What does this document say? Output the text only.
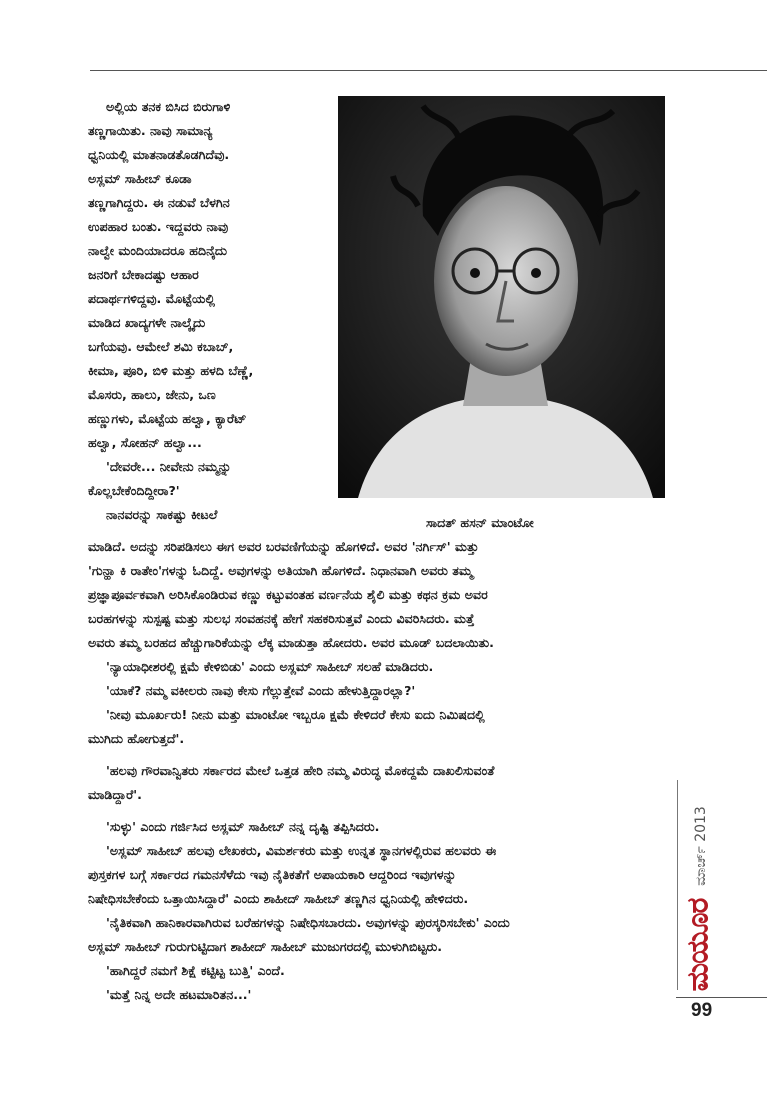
ಅಲ್ಲಿಯ ತನಕ ಬಿಸಿದ ಬಿರುಗಾಳಿ

ತಣ್ಣಗಾಯಿತು. ನಾವು ಸಾಮಾನ್ಯ

ಧ್ವನಿಯಲ್ಲಿ ಮಾತನಾಡತೊಡಗಿದೆವು.

ಅಸ್ಲಮ್ ಸಾಹೀಬ್ ಕೂಡಾ

ತಣ್ಣಗಾಗಿದ್ದರು. ಈ ನಡುವೆ ಬೆಳಗಿನ

ಉಪಹಾರ ಬಂತು. ಇದ್ದವರು ನಾವು

ನಾಲ್ವೇ ಮಂದಿಯಾದರೂ ಹದಿನೈದು

ಜನರಿಗೆ ಬೇಕಾದಷ್ಟು ಆಹಾರ

ಪದಾರ್ಥಗಳಿದ್ದವು. ಮೊಟ್ಟೆಯಲ್ಲಿ

ಮಾಡಿದ ಖಾದ್ಯಗಳೇ ನಾಲ್ಕೈದು

ಬಗೆಯವು. ಆಮೇಲೆ ಶಮಿ ಕಬಾಬ್,

ಕೀಮಾ, ಪೂರಿ, ಬಿಳಿ ಮತ್ತು ಹಳದಿ ಬೆಣ್ಣೆ,

ಮೊಸರು, ಹಾಲು, ಜೇನು, ಒಣ

ಹಣ್ಣುಗಳು, ಮೊಟ್ಟೆಯ ಹಲ್ವಾ, ಕ್ಯಾರೆಟ್

ಹಲ್ವಾ, ಸೋಹನ್ ಹಲ್ವಾ...

'ದೇವರೇ... ನೀವೇನು ನಮ್ಮನ್ನು

ಕೊಲ್ಲಬೇಕೆಂದಿದ್ದೀರಾ?'

ನಾನವರನ್ನು ಸಾಕಷ್ಟು ಕೀಟಲೆ

ಸಾದತ್ ಹಸನ್ ಮಾಂಟೋ

ಮಾಡಿದೆ. ಅದನ್ನು ಸರಿಪಡಿಸಲು ಈಗ ಅವರ ಬರವಣಿಗೆಯನ್ನು ಹೊಗಳಿದೆ. ಅವರ 'ನರ್ಗಿಸ್' ಮತ್ತು

'ಗುನ್ಹಾ ಕಿ ರಾತೇಂ'ಗಳನ್ನು ಓದಿದ್ದೆ. ಅವುಗಳನ್ನು ಅತಿಯಾಗಿ ಹೊಗಳಿದೆ. ನಿಧಾನವಾಗಿ ಅವರು ತಮ್ಮ

ಪ್ರಜ್ಞಾಪೂರ್ವಕವಾಗಿ ಅರಿಸಿಕೊಂಡಿರುವ ಕಣ್ಣು ಕಟ್ಟುವಂತಹ ವರ್ಣನೆಯ ಶೈಲಿ ಮತ್ತು ಕಥನ ಕ್ರಮ ಅವರ

ಬರಹಗಳನ್ನು ಸುಸ್ಪಷ್ಟ ಮತ್ತು ಸುಲಭ ಸಂವಹನಕ್ಕೆ ಹೇಗೆ ಸಹಕರಿಸುತ್ತವೆ ಎಂದು ವಿವರಿಸಿದರು. ಮತ್ತೆ

ಅವರು ತಮ್ಮ ಬರಹದ ಹೆಚ್ಚುಗಾರಿಕೆಯನ್ನು ಲೆಕ್ಕ ಮಾಡುತ್ತಾ ಹೋದರು. ಅವರ ಮೂಡ್ ಬದಲಾಯಿತು.

'ನ್ಯಾಯಾಧೀಶರಲ್ಲಿ ಕ್ಷಮೆ ಕೇಳಿಬಿಡು' ಎಂದು ಅಸ್ಲಮ್ ಸಾಹೀಬ್ ಸಲಹೆ ಮಾಡಿದರು.

'ಯಾಕೆ? ನಮ್ಮ ವಕೀಲರು ನಾವು ಕೇಸು ಗೆಲ್ಲುತ್ತೇವೆ ಎಂದು ಹೇಳುತ್ತಿದ್ದಾರಲ್ಲಾ?'

'ನೀವು ಮೂರ್ಖರು! ನೀನು ಮತ್ತು ಮಾಂಟೋ ಇಬ್ಬರೂ ಕ್ಷಮೆ ಕೇಳಿದರೆ ಕೇಸು ಐದು ನಿಮಿಷದಲ್ಲಿ

ಮುಗಿದು ಹೋಗುತ್ತದೆ'.

'ಹಲವು ಗೌರವಾನ್ವಿತರು ಸರ್ಕಾರದ ಮೇಲೆ ಒತ್ತಡ ಹೇರಿ ನಮ್ಮ ವಿರುದ್ಧ ಮೊಕದ್ದಮೆ ದಾಖಲಿಸುವಂತೆ

ಮಾಡಿದ್ದಾರೆ'.

'ಸುಳ್ಳು' ಎಂದು ಗರ್ಜಿಸಿದ ಅಸ್ಲಮ್ ಸಾಹೀಬ್ ನನ್ನ ದೃಷ್ಟಿ ತಪ್ಪಿಸಿದರು.

'ಅಸ್ಲಮ್ ಸಾಹೀಬ್ ಹಲವು ಲೇಖಕರು, ವಿಮರ್ಶಕರು ಮತ್ತು ಉನ್ನತ ಸ್ಥಾನಗಳಲ್ಲಿರುವ ಹಲವರು ಈ

ಪುಸ್ತಕಗಳ ಬಗ್ಗೆ ಸರ್ಕಾರದ ಗಮನಸೆಳೆದು ಇವು ನೈತಿಕತೆಗೆ ಅಪಾಯಕಾರಿ ಆದ್ದರಿಂದ ಇವುಗಳನ್ನು

ನಿಷೇಧಿಸಬೇಕೆಂದು ಒತ್ತಾಯಿಸಿದ್ದಾರೆ' ಎಂದು ಶಾಹೀದ್ ಸಾಹೀಬ್ ತಣ್ಣಗಿನ ಧ್ವನಿಯಲ್ಲಿ ಹೇಳಿದರು.

'ನೈತಿಕವಾಗಿ ಹಾನಿಕಾರವಾಗಿರುವ ಬರೆಹಗಳನ್ನು ನಿಷೇಧಿಸಬಾರದು. ಅವುಗಳನ್ನು ಪುರಸ್ಕರಿಸಬೇಕು' ಎಂದು

ಅಸ್ಲಮ್ ಸಾಹೀಬ್ ಗುರುಗುಟ್ಟಿದಾಗ ಶಾಹೀದ್ ಸಾಹೀಬ್ ಮುಜುಗರದಲ್ಲಿ ಮುಳುಗಿಬಿಟ್ಟರು.

'ಹಾಗಿದ್ದರೆ ನಮಗೆ ಶಿಕ್ಷೆ ಕಟ್ಟಿಟ್ಟ ಬುತ್ತಿ' ಎಂದೆ.

'ಮತ್ತೆ ನಿನ್ನ ಅದೇ ಹಟಮಾರಿತನ...'

ಮಾರ್ಚ್ 2013
ಮಯೂರ
99
